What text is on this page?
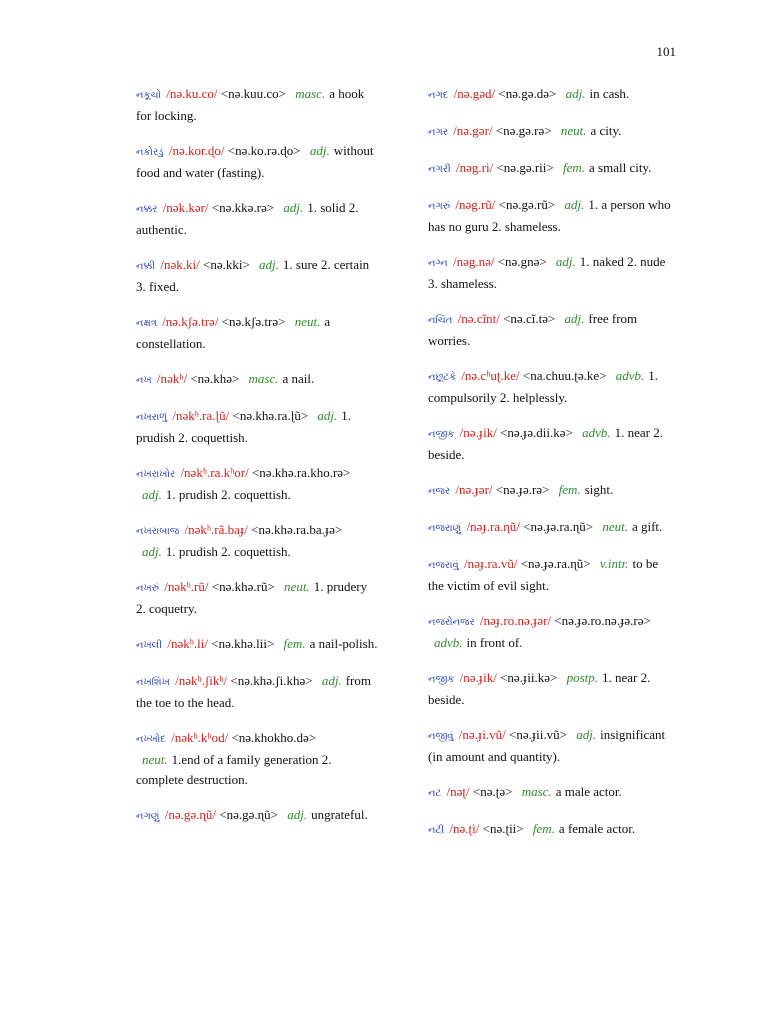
101

નકૂચો /nə.ku.co/ <nə.kuu.co> masc. a hook for locking.

નકોરડું /nə.kor.ɖo/ <nə.ko.rə.ɖo> adj. without food and water (fasting).

નક્કર /nək.kər/ <nə.kkə.rə> adj. 1. solid 2. authentic.

નક્કી /nək.ki/ <nə.kki> adj. 1. sure 2. certain 3. fixed.

નક્ષત્ર /nə.kʃə.trə/ <nə.kʃə.trə> neut. a constellation.

નખ /nəkʰ/ <nə.khə> masc. a nail.

નખરાળું /nəkʰ.ra.ɭũ/ <nə.khə.ra.ɭũ> adj. 1. prudish 2. coquettish.

નખરાખોર /nəkʰ.ra.kʰor/ <nə.khə.ra.kho.rə> adj. 1. prudish 2. coquettish.

નખરાબાજ /nəkʰ.rã.baɟ/ <nə.khə.ra.ba.ɟə> adj. 1. prudish 2. coquettish.

નખરું /nəkʰ.rũ/ <nə.khə.rũ> neut. 1. prudery 2. coquetry.

નખલી /nəkʰ.li/ <nə.khə.lii> fem. a nail-polish.

નખશિખ /nəkʰ.ʃikʰ/ <nə.khə.ʃi.khə> adj. from the toe to the head.

નખ્ખોદ /nəkʰ.kʰod/ <nə.khokho.də> neut. 1.end of a family generation 2. complete destruction.

નગણું /nə.gə.ɳũ/ <nə.gə.ɳũ> adj. ungrateful.

નગદ /nə.gəd/ <nə.gə.də> adj. in cash.

નગર /nə.gər/ <nə.gə.rə> neut. a city.

નગરી /nəg.ri/ <nə.gə.rii> fem. a small city.

નગરું /nəg.rũ/ <nə.gə.rũ> adj. 1. a person who has no guru 2. shameless.

નગ્ન /nəg.nə/ <nə.gnə> adj. 1. naked 2. nude 3. shameless.

નચિંત /nə.cĩnt/ <nə.cĩ.tə> adj. free from worries.

નછૂટકે /nə.cʰuʈ.ke/ <na.chuu.ʈə.ke> advb. 1. compulsorily 2. helplessly.

નજીક /nə.ɟik/ <nə.ɟə.dii.kə> advb. 1. near 2. beside.

નજર /nə.ɟər/ <nə.ɟə.rə> fem. sight.

નજરાણું /nəɟ.ra.ɳũ/ <nə.ɟə.ra.ɳũ> neut. a gift.

નજરાવું /nəɟ.ra.vũ/ <nə.ɟə.ra.ɳũ> v.intr. to be the victim of evil sight.

નજરોનજર /nəɟ.ro.nə.ɟər/ <nə.ɟə.ro.nə.ɟə.rə> advb. in front of.

નજીક /nə.ɟik/ <nə.ɟii.kə> postp. 1. near 2. beside.

નજીવું /nə.ɟi.vũ/ <nə.ɟii.vũ> adj. insignificant (in amount and quantity).

નટ /nəʈ/ <nə.ʈə> masc. a male actor.

નટી /nə.ʈi/ <nə.ʈii> fem. a female actor.
